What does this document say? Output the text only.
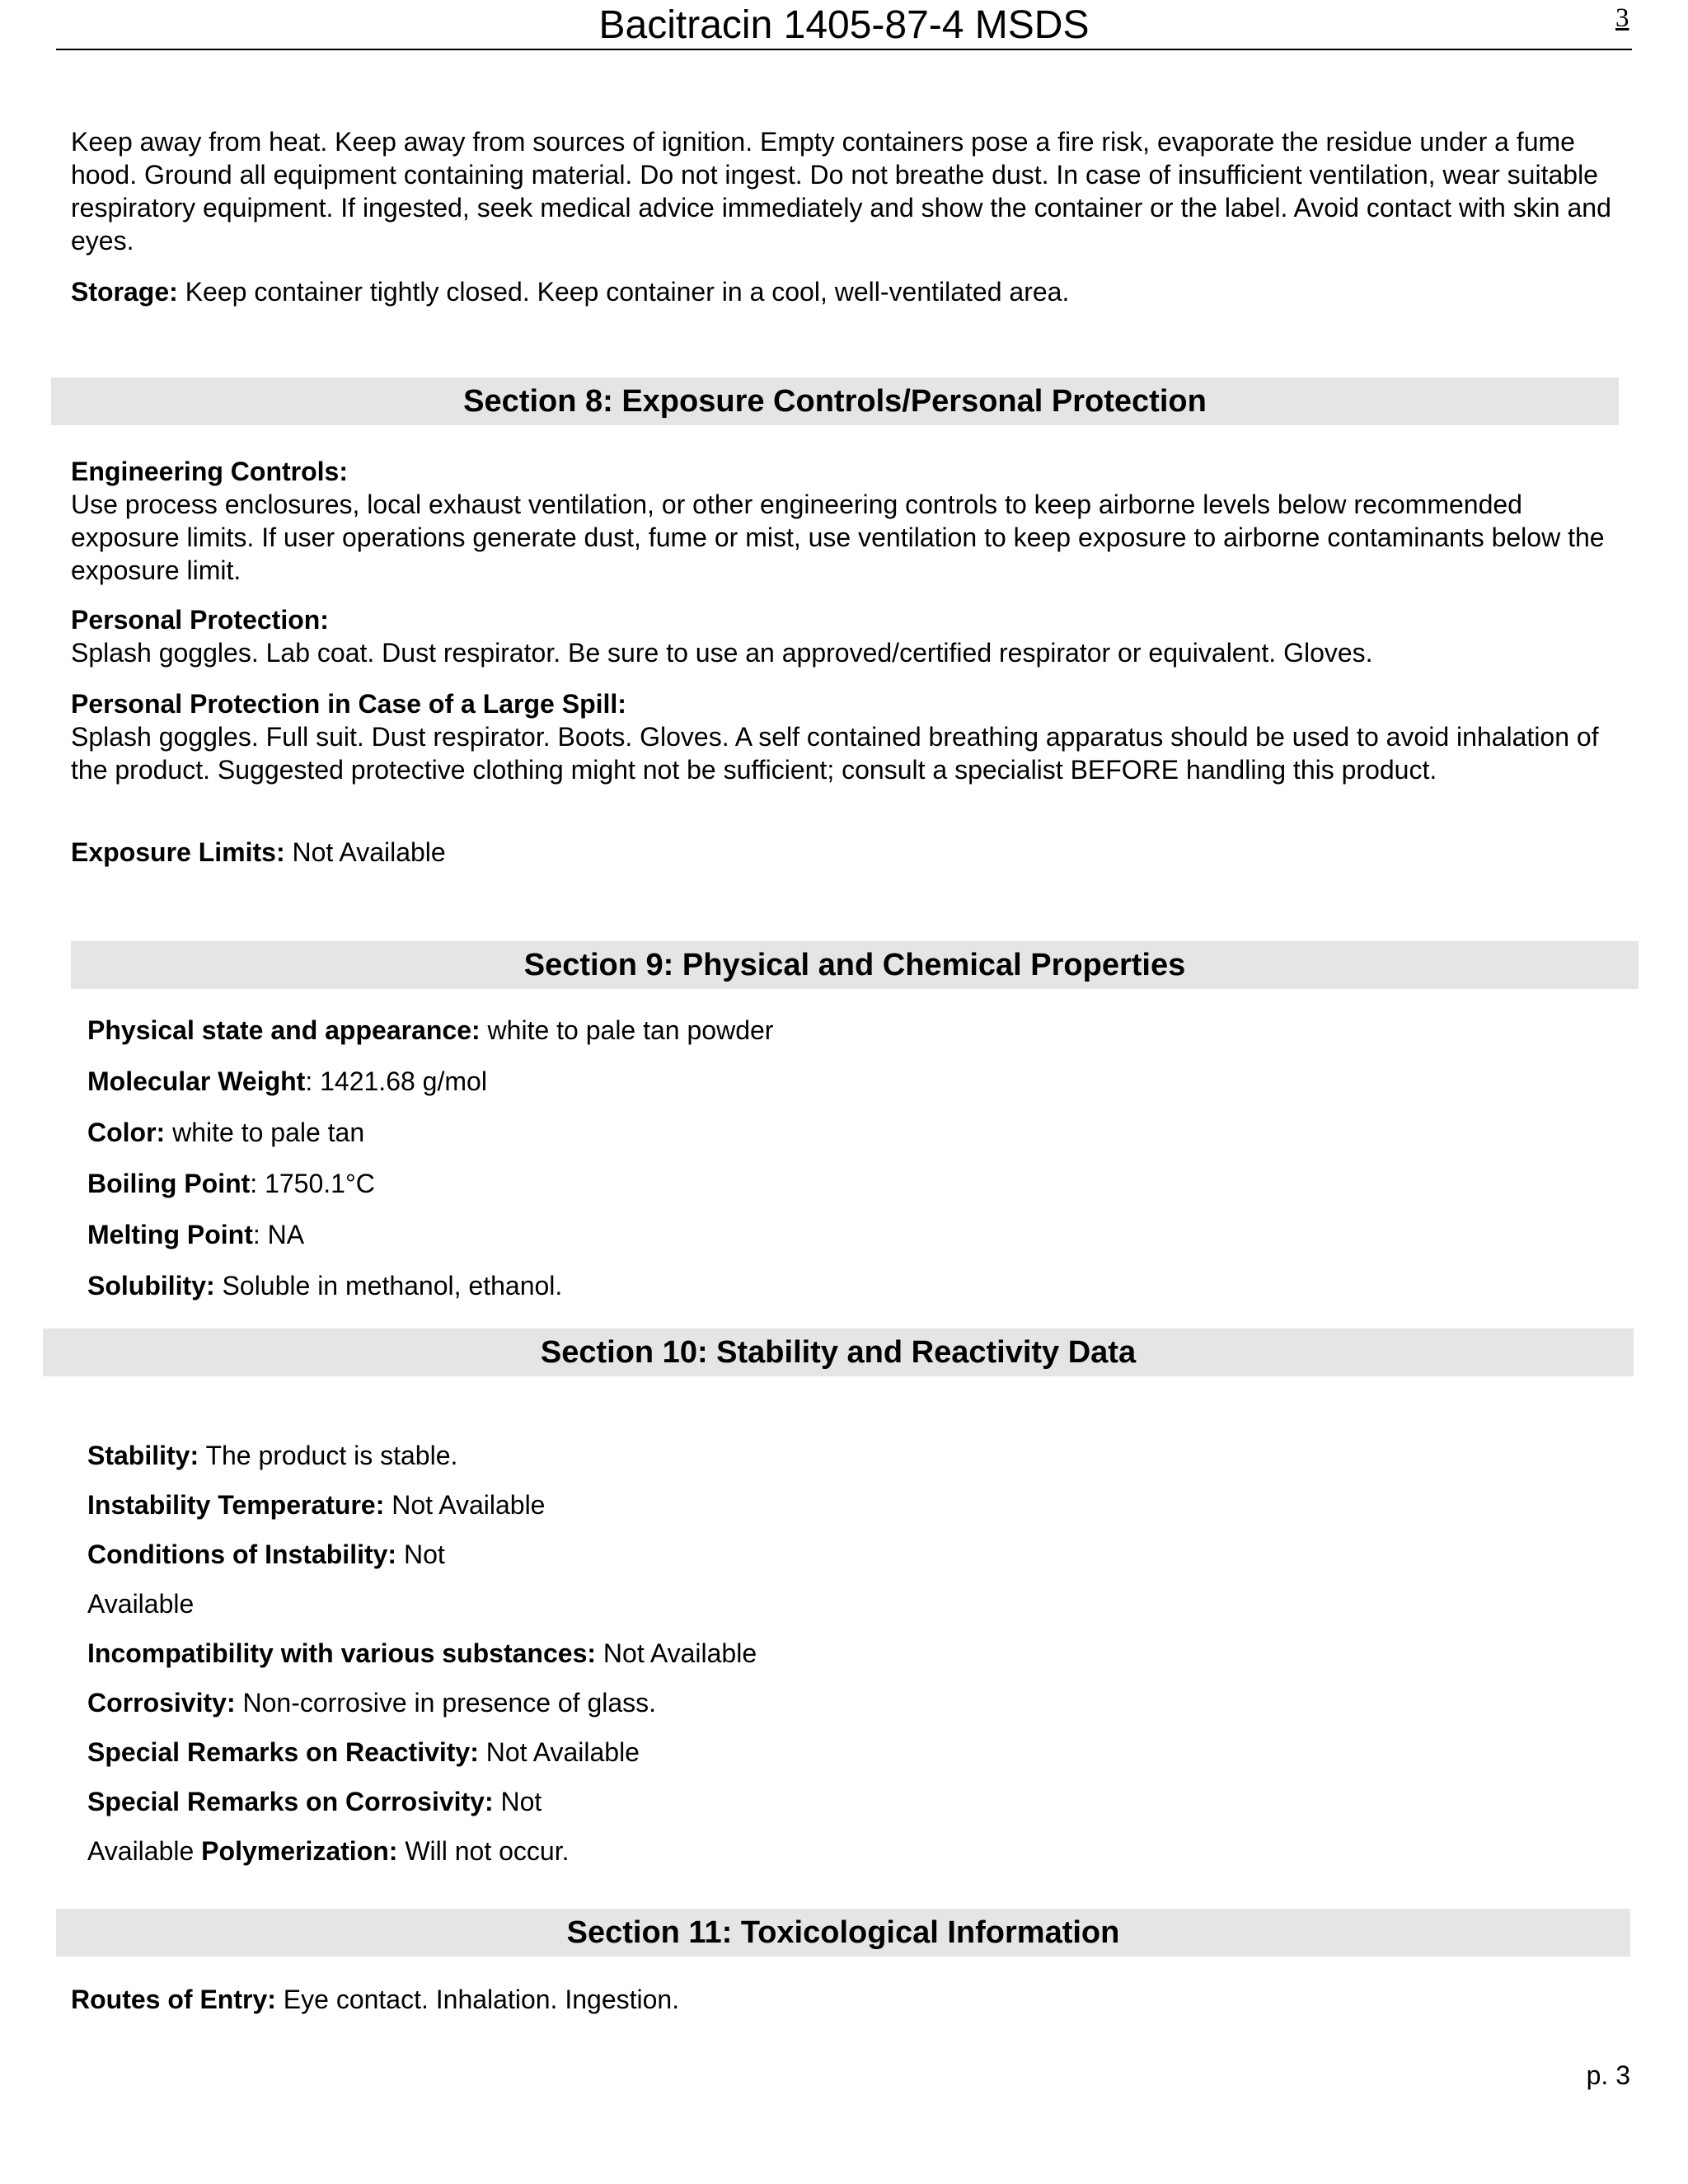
Bacitracin 1405-87-4 MSDS	3

Keep away from heat. Keep away from sources of ignition. Empty containers pose a fire risk, evaporate the residue under a fume hood. Ground all equipment containing material. Do not ingest. Do not breathe dust. In case of insufficient ventilation, wear suitable respiratory equipment. If ingested, seek medical advice immediately and show the container or the label. Avoid contact with skin and eyes.

Storage: Keep container tightly closed. Keep container in a cool, well-ventilated area.

Section 8: Exposure Controls/Personal Protection

Engineering Controls:

Use process enclosures, local exhaust ventilation, or other engineering controls to keep airborne levels below recommended exposure limits. If user operations generate dust, fume or mist, use ventilation to keep exposure to airborne contaminants below the exposure limit.

Personal Protection:

Splash goggles. Lab coat. Dust respirator. Be sure to use an approved/certified respirator or equivalent. Gloves.

Personal Protection in Case of a Large Spill:

Splash goggles. Full suit. Dust respirator. Boots. Gloves. A self contained breathing apparatus should be used to avoid inhalation of the product. Suggested protective clothing might not be sufficient; consult a specialist BEFORE handling this product.

Exposure Limits: Not Available

Section 9: Physical and Chemical Properties

Physical state and appearance: white to pale tan powder

Molecular Weight: 1421.68 g/mol

Color: white to pale tan

Boiling Point: 1750.1°C

Melting Point: NA

Solubility: Soluble in methanol, ethanol.

Section 10: Stability and Reactivity Data

Stability: The product is stable.

Instability Temperature: Not Available

Conditions of Instability: Not

Available

Incompatibility with various substances: Not Available

Corrosivity: Non-corrosive in presence of glass.

Special Remarks on Reactivity: Not Available

Special Remarks on Corrosivity: Not

Available Polymerization: Will not occur.

Section 11: Toxicological Information

Routes of Entry: Eye contact. Inhalation. Ingestion.

p. 3
